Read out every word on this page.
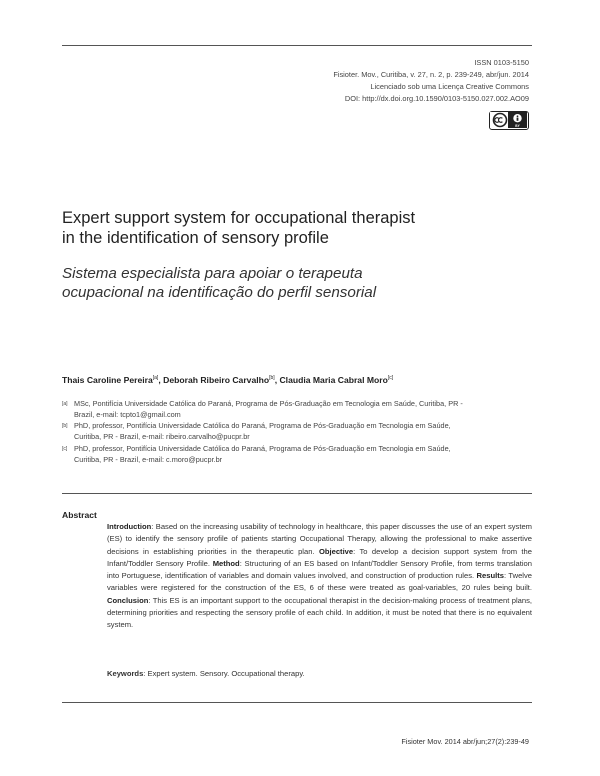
ISSN 0103-5150
Fisioter. Mov., Curitiba, v. 27, n. 2, p. 239-249, abr/jun. 2014
Licenciado sob uma Licença Creative Commons
DOI: http://dx.doi.org.10.1590/0103-5150.027.002.AO09
BY
Expert support system for occupational therapist
in the identification of sensory profile
Sistema especialista para apoiar o terapeuta
ocupacional na identificação do perfil sensorial
Thais Caroline Pereira[a], Deborah Ribeiro Carvalho[b], Claudia Maria Cabral Moro[c]
[a] MSc, Pontifícia Universidade Católica do Paraná, Programa de Pós-Graduação em Tecnologia em Saúde, Curitiba, PR -
Brazil, e-mail: tcpto1@gmail.com
[b] PhD, professor, Pontifícia Universidade Católica do Paraná, Programa de Pós-Graduação em Tecnologia em Saúde,
Curitiba, PR - Brazil, e-mail: ribeiro.carvalho@pucpr.br
[c] PhD, professor, Pontifícia Universidade Católica do Paraná, Programa de Pós-Graduação em Tecnologia em Saúde,
Curitiba, PR - Brazil, e-mail: c.moro@pucpr.br
Abstract
Introduction: Based on the increasing usability of technology in healthcare, this paper discusses the use of an expert system (ES) to identify the sensory profile of patients starting Occupational Therapy, allowing the professional to make assertive decisions in establishing priorities in the therapeutic plan. Objective: To develop a decision support system from the Infant/Toddler Sensory Profile. Method: Structuring of an ES based on Infant/Toddler Sensory Profile, from terms translation into Portuguese, identification of variables and domain values involved, and construction of production rules. Results: Twelve variables were registered for the construction of the ES, 6 of these were treated as goal-variables, 20 rules being built. Conclusion: This ES is an important support to the occupational therapist in the decision-making process of treatment plans, determining priorities and respecting the sensory profile of each child. In addition, it must be noted that there is no equivalent system.
Keywords: Expert system. Sensory. Occupational therapy.
Fisioter Mov. 2014 abr/jun;27(2):239-49
